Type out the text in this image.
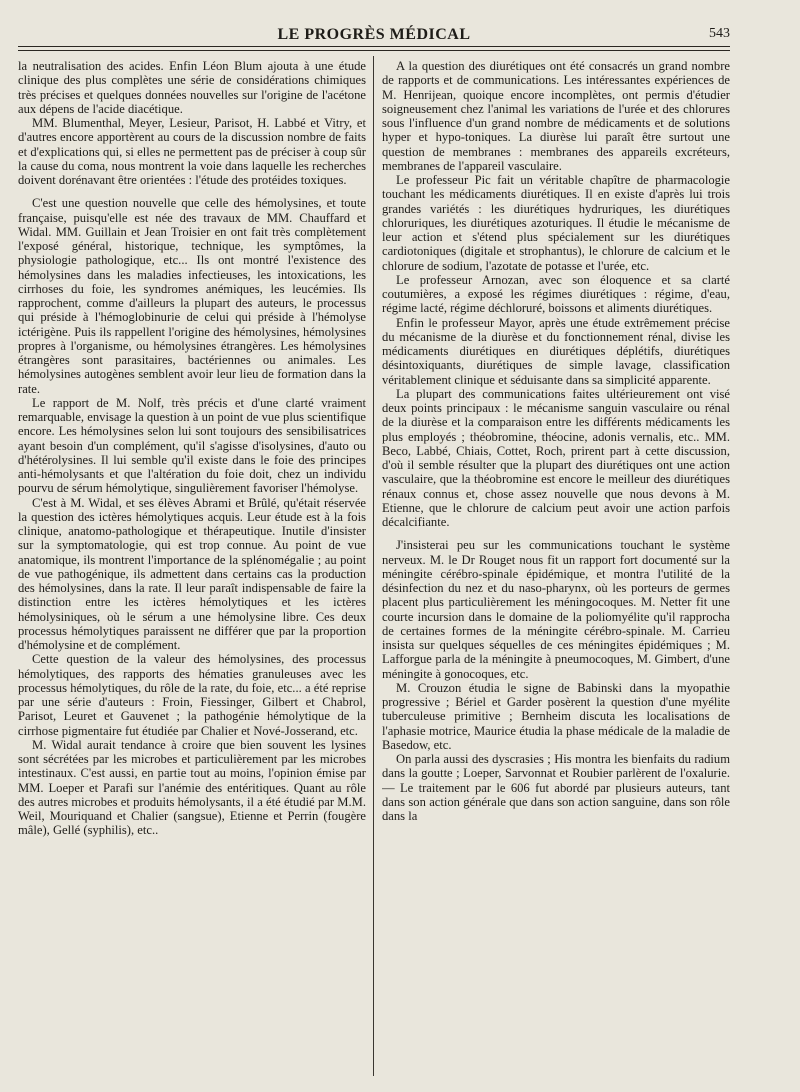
LE PROGRÈS MÉDICAL	543

la neutralisation des acides. Enfin Léon Blum ajouta à une étude clinique des plus complètes une série de considérations chimiques très précises et quelques données nouvelles sur l'origine de l'acétone aux dépens de l'acide diacétique.

MM. Blumenthal, Meyer, Lesieur, Parisot, H. Labbé et Vitry, et d'autres encore apportèrent au cours de la discussion nombre de faits et d'explications qui, si elles ne permettent pas de préciser à coup sûr la cause du coma, nous montrent la voie dans laquelle les recherches doivent dorénavant être orientées : l'étude des protéides toxiques.

C'est une question nouvelle que celle des hémolysines, et toute française, puisqu'elle est née des travaux de MM. Chauffard et Widal. MM. Guillain et Jean Troisier en ont fait très complètement l'exposé général, historique, technique, les symptômes, la physiologie pathologique, etc... Ils ont montré l'existence des hémolysines dans les maladies infectieuses, les intoxications, les cirrhoses du foie, les syndromes anémiques, les leucémies. Ils rapprochent, comme d'ailleurs la plupart des auteurs, le processus qui préside à l'hémoglobinurie de celui qui préside à l'hémolyse ictérigène. Puis ils rappellent l'origine des hémolysines, hémolysines propres à l'organisme, ou hémolysines étrangères. Les hémolysines étrangères sont parasitaires, bactériennes ou animales. Les hémolysines autogènes semblent avoir leur lieu de formation dans la rate.

Le rapport de M. Nolf, très précis et d'une clarté vraiment remarquable, envisage la question à un point de vue plus scientifique encore. Les hémolysines selon lui sont toujours des sensibilisatrices ayant besoin d'un complément, qu'il s'agisse d'isolysines, d'auto ou d'hétérolysines. Il lui semble qu'il existe dans le foie des principes anti-hémolysants et que l'altération du foie doit, chez un individu pourvu de sérum hémolytique, singulièrement favoriser l'hémolyse.

C'est à M. Widal, et ses élèves Abrami et Brûlé, qu'était réservée la question des ictères hémolytiques acquis. Leur étude est à la fois clinique, anatomo-pathologique et thérapeutique. Inutile d'insister sur la symptomatologie, qui est trop connue. Au point de vue anatomique, ils montrent l'importance de la splénomégalie ; au point de vue pathogénique, ils admettent dans certains cas la production des hémolysines, dans la rate. Il leur paraît indispensable de faire la distinction entre les ictères hémolytiques et les ictères hémolysiniques, où le sérum a une hémolysine libre. Ces deux processus hémolytiques paraissent ne différer que par la proportion d'hémolysine et de complément.

Cette question de la valeur des hémolysines, des processus hémolytiques, des rapports des hématies granuleuses avec les processus hémolytiques, du rôle de la rate, du foie, etc... a été reprise par une série d'auteurs : Froin, Fiessinger, Gilbert et Chabrol, Parisot, Leuret et Gauvenet ; la pathogénie hémolytique de la cirrhose pigmentaire fut étudiée par Chalier et Nové-Josserand, etc.

M. Widal aurait tendance à croire que bien souvent les lysines sont sécrétées par les microbes et particulièrement par les microbes intestinaux. C'est aussi, en partie tout au moins, l'opinion émise par MM. Loeper et Parafi sur l'anémie des entéritiques. Quant au rôle des autres microbes et produits hémolysants, il a été étudié par M.M. Weil, Mouriquand et Chalier (sangsue), Etienne et Perrin (fougère mâle), Gellé (syphilis), etc..

A la question des diurétiques ont été consacrés un grand nombre de rapports et de communications. Les intéressantes expériences de M. Henrijean, quoique encore incomplètes, ont permis d'étudier soigneusement chez l'animal les variations de l'urée et des chlorures sous l'influence d'un grand nombre de médicaments et de solutions hyper et hypo-toniques. La diurèse lui paraît être surtout une question de membranes : membranes des appareils excréteurs, membranes de l'appareil vasculaire.

Le professeur Pic fait un véritable chapître de pharmacologie touchant les médicaments diurétiques. Il en existe d'après lui trois grandes variétés : les diurétiques hydruriques, les diurétiques chloruriques, les diurétiques azoturiques. Il étudie le mécanisme de leur action et s'étend plus spécialement sur les diurétiques cardiotoniques (digitale et strophantus), le chlorure de calcium et le chlorure de sodium, l'azotate de potasse et l'urée, etc.

Le professeur Arnozan, avec son éloquence et sa clarté coutumières, a exposé les régimes diurétiques : régime, d'eau, régime lacté, régime déchloruré, boissons et aliments diurétiques.

Enfin le professeur Mayor, après une étude extrêmement précise du mécanisme de la diurèse et du fonctionnement rénal, divise les médicaments diurétiques en diurétiques déplétifs, diurétiques désintoxiquants, diurétiques de simple lavage, classification véritablement clinique et séduisante dans sa simplicité apparente.

La plupart des communications faites ultérieurement ont visé deux points principaux : le mécanisme sanguin vasculaire ou rénal de la diurèse et la comparaison entre les différents médicaments les plus employés ; théobromine, théocine, adonis vernalis, etc.. MM. Beco, Labbé, Chiais, Cottet, Roch, prirent part à cette discussion, d'où il semble résulter que la plupart des diurétiques ont une action vasculaire, que la théobromine est encore le meilleur des diurétiques rénaux connus et, chose assez nouvelle que nous devons à M. Etienne, que le chlorure de calcium peut avoir une action parfois décalcifiante.

J'insisterai peu sur les communications touchant le système nerveux. M. le Dr Rouget nous fit un rapport fort documenté sur la méningite cérébro-spinale épidémique, et montra l'utilité de la désinfection du nez et du naso-pharynx, où les porteurs de germes placent plus particulièrement les méningocoques. M. Netter fit une courte incursion dans le domaine de la poliomyélite qu'il rapprocha de certaines formes de la méningite cérébro-spinale. M. Carrieu insista sur quelques séquelles de ces méningites épidémiques ; M. Lafforgue parla de la méningite à pneumocoques, M. Gimbert, d'une méningite à gonocoques, etc.

M. Crouzon étudia le signe de Babinski dans la myopathie progressive ; Bériel et Garder posèrent la question d'une myélite tuberculeuse primitive ; Bernheim discuta les localisations de l'aphasie motrice, Maurice étudia la phase médicale de la maladie de Basedow, etc.

On parla aussi des dyscrasies ; His montra les bienfaits du radium dans la goutte ; Loeper, Sarvonnat et Roubier parlèrent de l'oxalurie. — Le traitement par le 606 fut abordé par plusieurs auteurs, tant dans son action générale que dans son action sanguine, dans son rôle dans la
